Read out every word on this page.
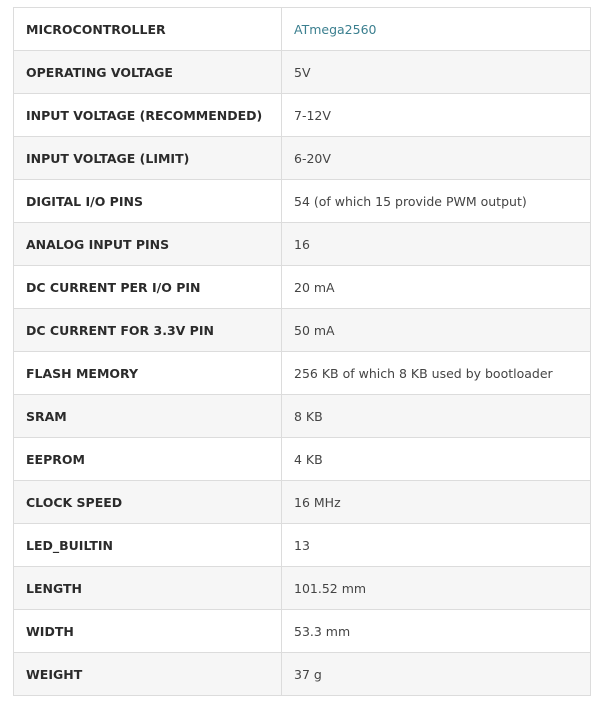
MICROCONTROLLER	ATmega2560
OPERATING VOLTAGE	5V
INPUT VOLTAGE (RECOMMENDED)	7-12V
INPUT VOLTAGE (LIMIT)	6-20V
DIGITAL I/O PINS	54 (of which 15 provide PWM output)
ANALOG INPUT PINS	16
DC CURRENT PER I/O PIN	20 mA
DC CURRENT FOR 3.3V PIN	50 mA
FLASH MEMORY	256 KB of which 8 KB used by bootloader
SRAM	8 KB
EEPROM	4 KB
CLOCK SPEED	16 MHz
LED_BUILTIN	13
LENGTH	101.52 mm
WIDTH	53.3 mm
WEIGHT	37 g
